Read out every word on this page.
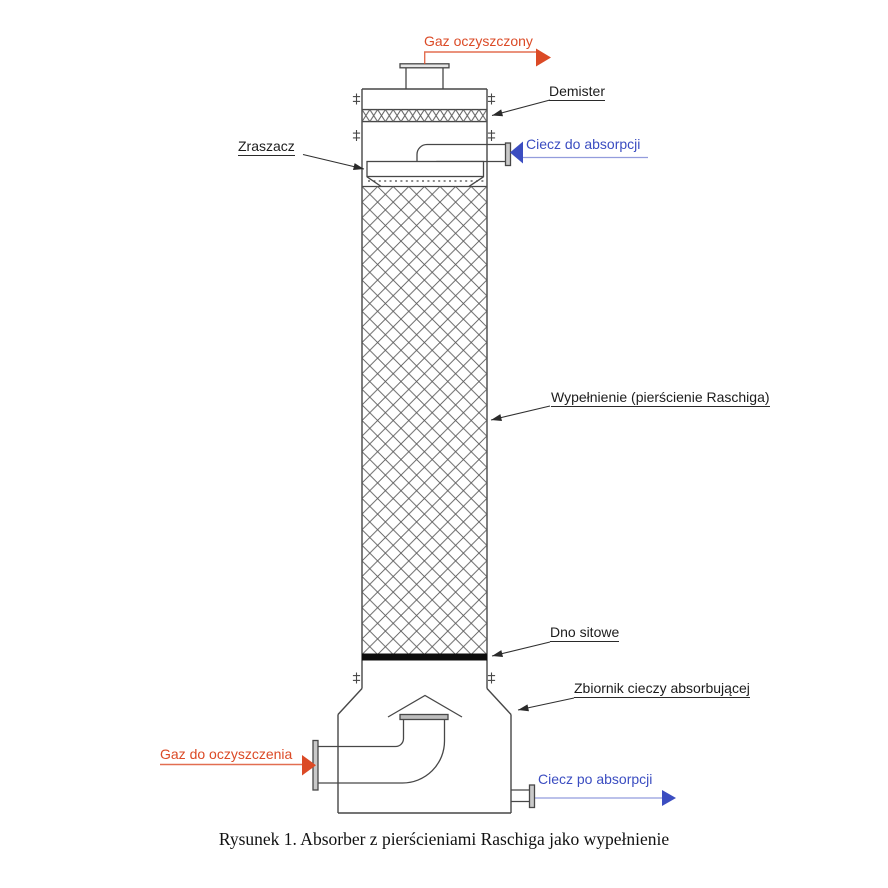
Gaz oczyszczony
Demister
Zraszacz	Ciecz do absorpcji
Wypełnienie (pierścienie Raschiga)
Dno sitowe
Zbiornik cieczy absorbującej
Gaz do oczyszczenia
Ciecz po absorpcji
Rysunek 1. Absorber z pierścieniami Raschiga jako wypełnienie
